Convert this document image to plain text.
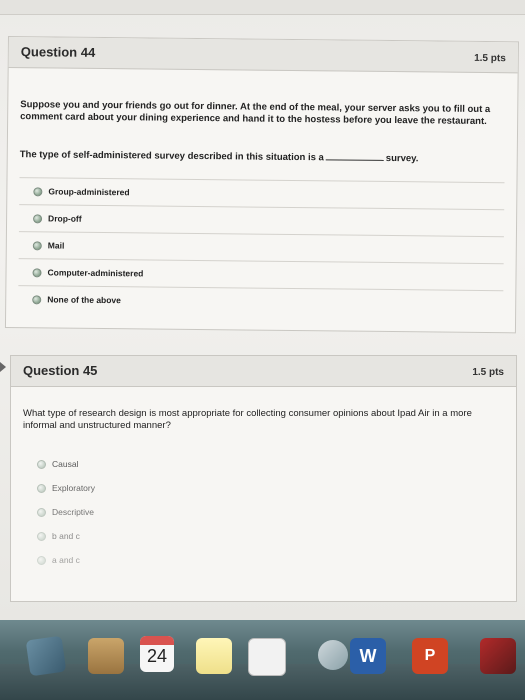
Question 44	1.5 pts
Suppose you and your friends go out for dinner. At the end of the meal, your server asks you to fill out a comment card about your dining experience and hand it to the hostess before you leave the restaurant.
The type of self-administered survey described in this situation is a	survey.
Group-administered
Drop-off
Mail
Computer-administered
None of the above
Question 45	1.5 pts
What type of research design is most appropriate for collecting consumer opinions about Ipad Air in a more informal and unstructured manner?
Causal
Exploratory
Descriptive
b and c
a and c
24	W	P
